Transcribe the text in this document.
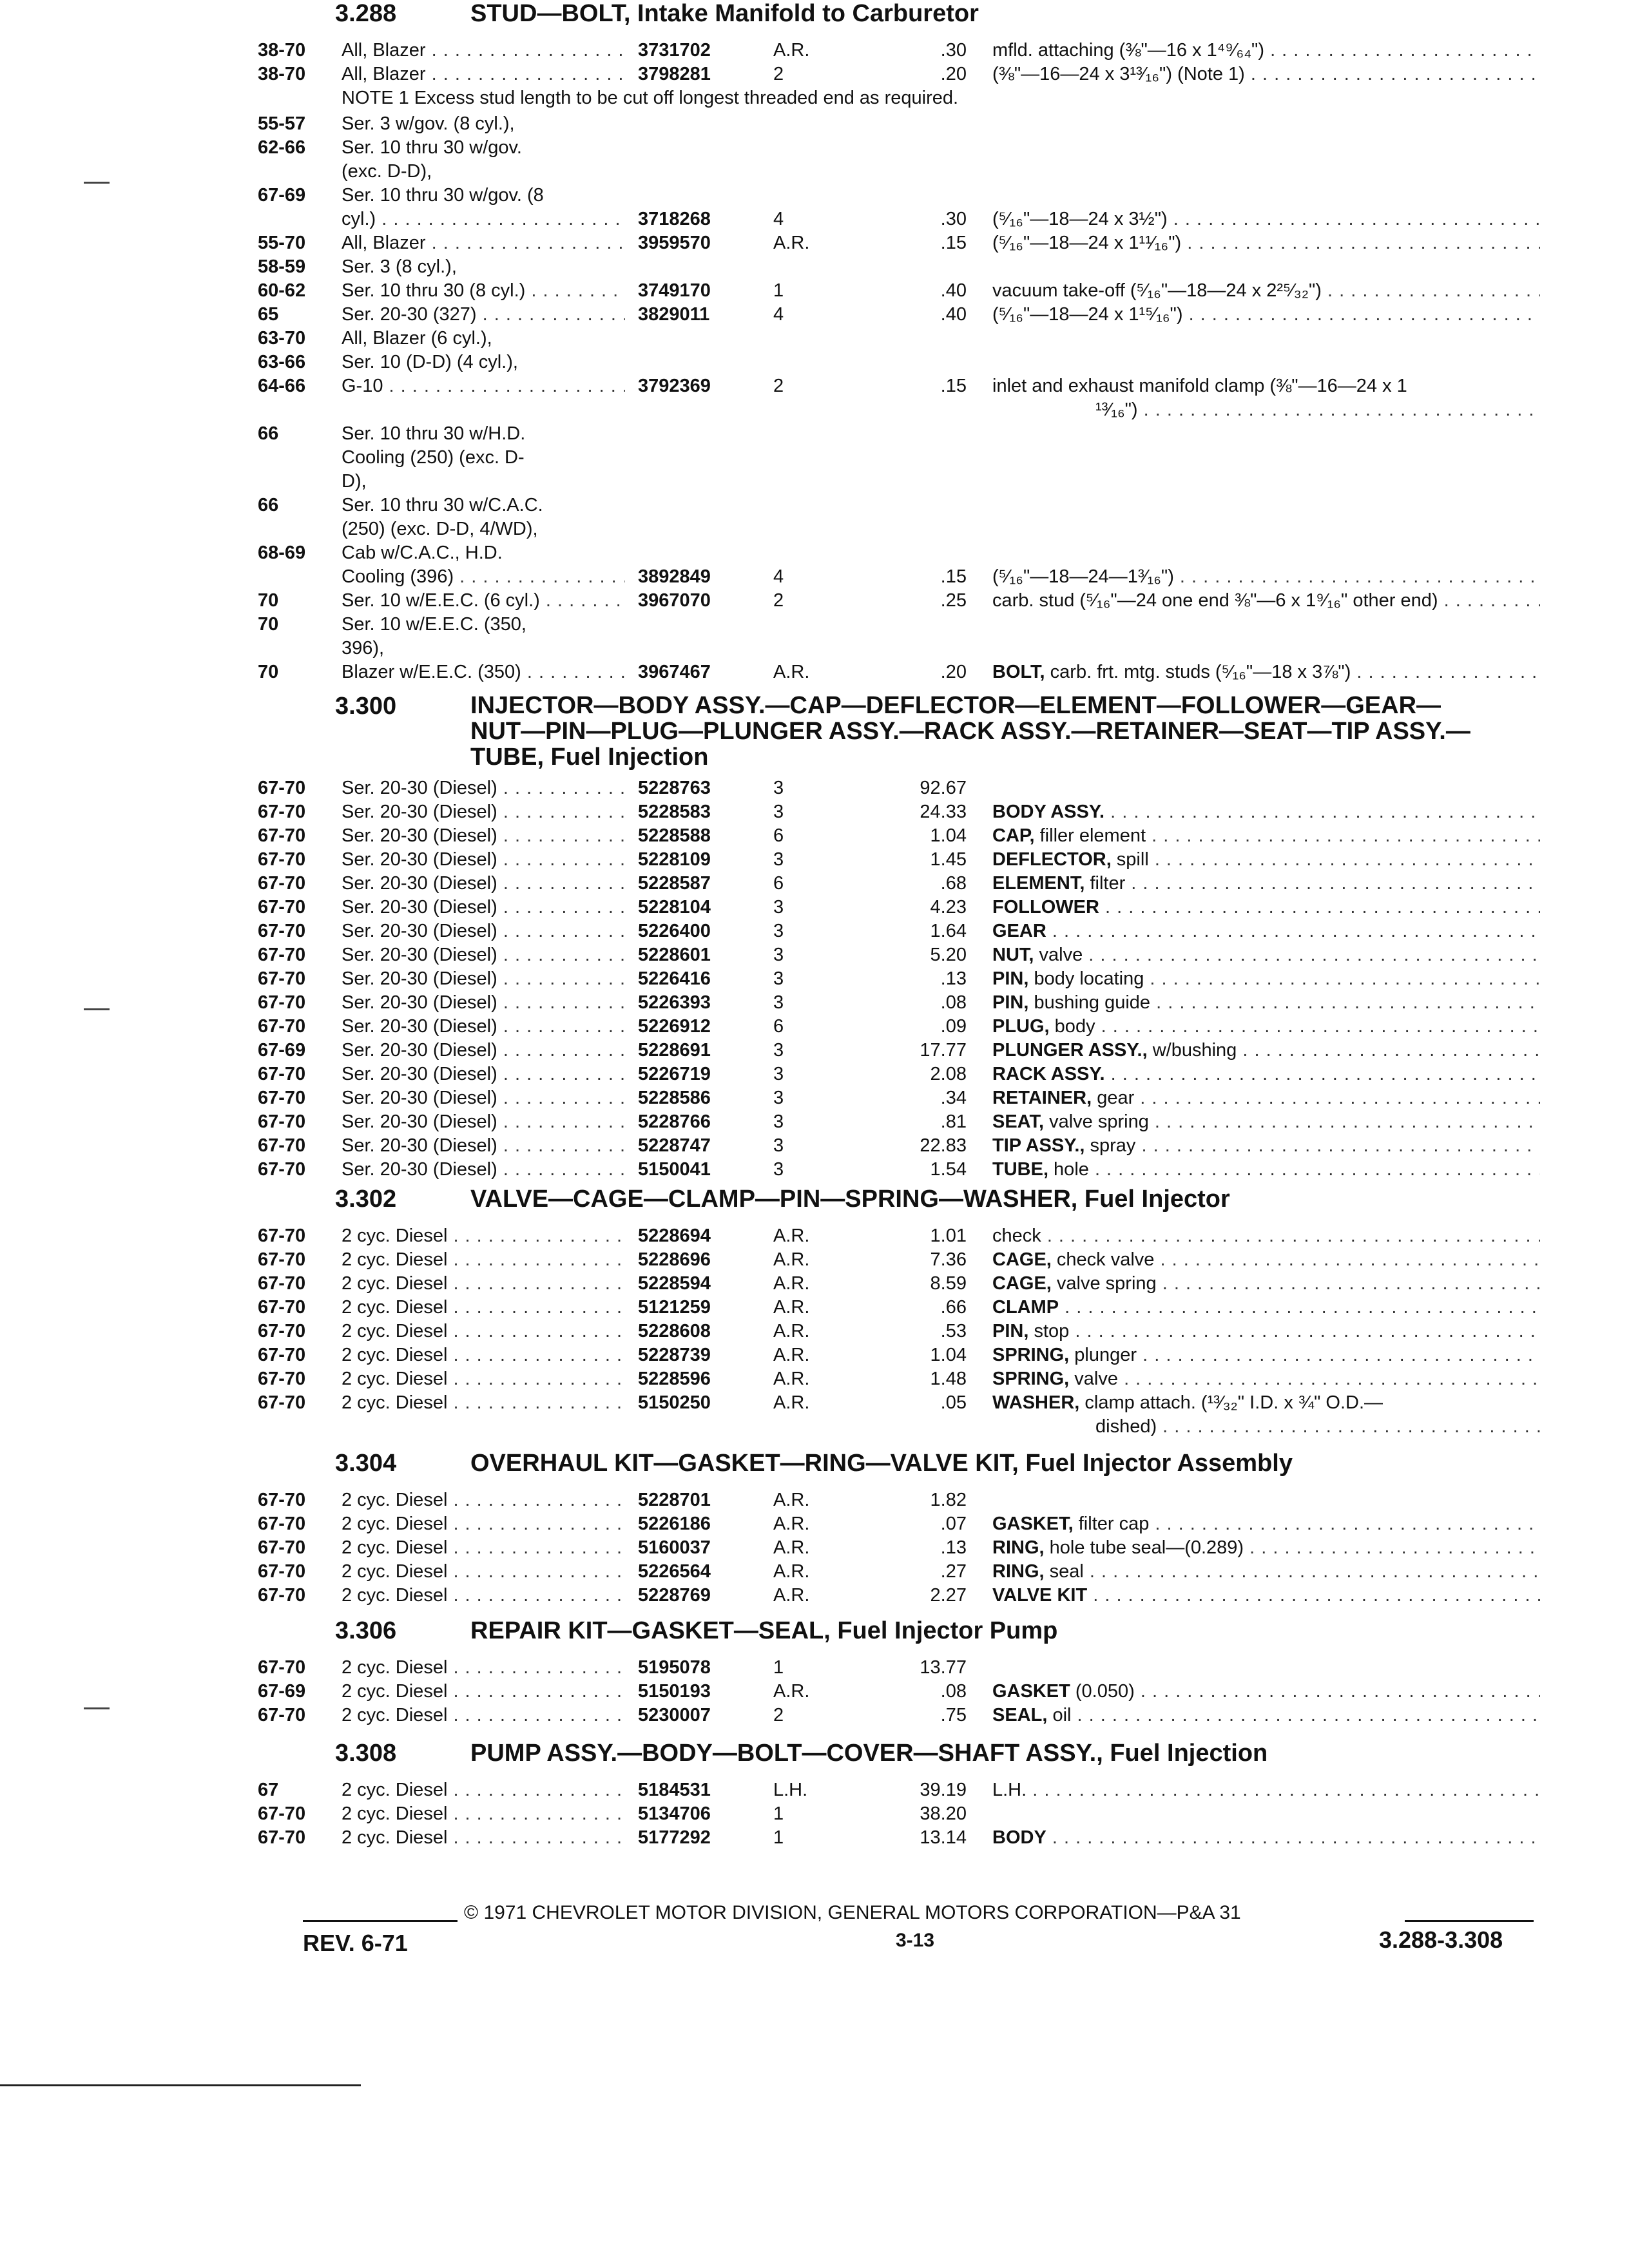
3.288	STUD—BOLT, Intake Manifold to Carburetor
38-70 All, Blazer . . .	3731702	A.R.	.30 mfld. attaching (⅜"—16 x 1⁴⁹⁄₆₄") . . .
38-70 All, Blazer . . .	3798281	2	.20 (⅜"—16—24 x 3¹³⁄₁₆") (Note 1) . . .
NOTE 1 Excess stud length to be cut off longest threaded end as required.
55-57 Ser. 3 w/gov. (8 cyl.),
62-66 Ser. 10 thru 30 w/gov.
(exc. D-D),
67-69 Ser. 10 thru 30 w/gov. (8
cyl.) . . .	3718268	4	.30 (⁵⁄₁₆"—18—24 x 3½") . . .
55-70 All, Blazer . . .	3959570	A.R.	.15 (⁵⁄₁₆"—18—24 x 1¹¹⁄₁₆") . . .
58-59 Ser. 3 (8 cyl.),
60-62 Ser. 10 thru 30 (8 cyl.) . . .	3749170	1	.40 vacuum take-off (⁵⁄₁₆"—18—24 x 2²⁵⁄₃₂") . . .
65	Ser. 20-30 (327) . . .	3829011	4	.40 (⁵⁄₁₆"—18—24 x 1¹⁵⁄₁₆") . . .
63-70 All, Blazer (6 cyl.),
63-66 Ser. 10 (D-D) (4 cyl.),
64-66 G-10 . . .	3792369	2	.15 inlet and exhaust manifold clamp (⅜"—16—24 x 1
¹³⁄₁₆") . . .
66	Ser. 10 thru 30 w/H.D.
Cooling (250) (exc. D-
D),
66	Ser. 10 thru 30 w/C.A.C.
(250) (exc. D-D, 4/WD),
68-69 Cab w/C.A.C., H.D.
Cooling (396) . . .	3892849	4	.15 (⁵⁄₁₆"—18—24—1³⁄₁₆") . . .
70	Ser. 10 w/E.E.C. (6 cyl.) . . .	3967070	2	.25 carb. stud (⁵⁄₁₆"—24 one end ⅜"—6 x 1⁹⁄₁₆" other end) . . .
70	Ser. 10 w/E.E.C. (350,
396),
70	Blazer w/E.E.C. (350) . . .	3967467	A.R.	.20 BOLT, carb. frt. mtg. studs (⁵⁄₁₆"—18 x 3⅞") . . .
3.300	INJECTOR—BODY ASSY.—CAP—DEFLECTOR—ELEMENT—FOLLOWER—GEAR—NUT—PIN—PLUG—PLUNGER ASSY.—RACK ASSY.—RETAINER—SEAT—TIP ASSY.—TUBE, Fuel Injection
67-70 Ser. 20-30 (Diesel) . . .	5228763	3	92.67
67-70 Ser. 20-30 (Diesel) . . .	5228583	3	24.33 BODY ASSY. . . .
67-70 Ser. 20-30 (Diesel) . . .	5228588	6	1.04 CAP, filler element . . .
67-70 Ser. 20-30 (Diesel) . . .	5228109	3	1.45 DEFLECTOR, spill . . .
67-70 Ser. 20-30 (Diesel) . . .	5228587	6	.68 ELEMENT, filter . . .
67-70 Ser. 20-30 (Diesel) . . .	5228104	3	4.23 FOLLOWER . . .
67-70 Ser. 20-30 (Diesel) . . .	5226400	3	1.64 GEAR . . .
67-70 Ser. 20-30 (Diesel) . . .	5228601	3	5.20 NUT, valve . . .
67-70 Ser. 20-30 (Diesel) . . .	5226416	3	.13 PIN, body locating . . .
67-70 Ser. 20-30 (Diesel) . . .	5226393	3	.08 PIN, bushing guide . . .
67-70 Ser. 20-30 (Diesel) . . .	5226912	6	.09 PLUG, body . . .
67-69 Ser. 20-30 (Diesel) . . .	5228691	3	17.77 PLUNGER ASSY., w/bushing . . .
67-70 Ser. 20-30 (Diesel) . . .	5226719	3	2.08 RACK ASSY. . . .
67-70 Ser. 20-30 (Diesel) . . .	5228586	3	.34 RETAINER, gear . . .
67-70 Ser. 20-30 (Diesel) . . .	5228766	3	.81 SEAT, valve spring . . .
67-70 Ser. 20-30 (Diesel) . . .	5228747	3	22.83 TIP ASSY., spray . . .
67-70 Ser. 20-30 (Diesel) . . .	5150041	3	1.54 TUBE, hole . . .
3.302	VALVE—CAGE—CLAMP—PIN—SPRING—WASHER, Fuel Injector
67-70 2 cyc. Diesel . . .	5228694	A.R.	1.01 check . . .
67-70 2 cyc. Diesel . . .	5228696	A.R.	7.36 CAGE, check valve . . .
67-70 2 cyc. Diesel . . .	5228594	A.R.	8.59 CAGE, valve spring . . .
67-70 2 cyc. Diesel . . .	5121259	A.R.	.66 CLAMP . . .
67-70 2 cyc. Diesel . . .	5228608	A.R.	.53 PIN, stop . . .
67-70 2 cyc. Diesel . . .	5228739	A.R.	1.04 SPRING, plunger . . .
67-70 2 cyc. Diesel . . .	5228596	A.R.	1.48 SPRING, valve . . .
67-70 2 cyc. Diesel . . .	5150250	A.R.	.05 WASHER, clamp attach. (¹³⁄₃₂" I.D. x ¾" O.D.—
dished) . . .
3.304	OVERHAUL KIT—GASKET—RING—VALVE KIT, Fuel Injector Assembly
67-70 2 cyc. Diesel . . .	5228701	A.R.	1.82
67-70 2 cyc. Diesel . . .	5226186	A.R.	.07 GASKET, filter cap . . .
67-70 2 cyc. Diesel . . .	5160037	A.R.	.13 RING, hole tube seal—(0.289) . . .
67-70 2 cyc. Diesel . . .	5226564	A.R.	.27 RING, seal . . .
67-70 2 cyc. Diesel . . .	5228769	A.R.	2.27 VALVE KIT . . .
3.306	REPAIR KIT—GASKET—SEAL, Fuel Injector Pump
67-70 2 cyc. Diesel . . .	5195078	1	13.77
67-69 2 cyc. Diesel . . .	5150193	A.R.	.08 GASKET (0.050) . . .
67-70 2 cyc. Diesel . . .	5230007	2	.75 SEAL, oil . . .
3.308	PUMP ASSY.—BODY—BOLT—COVER—SHAFT ASSY., Fuel Injection
67	2 cyc. Diesel . . .	5184531	L.H.	39.19 L.H. . . .
67-70 2 cyc. Diesel . . .	5134706	1	38.20
67-70 2 cyc. Diesel . . .	5177292	1	13.14 BODY . . .
© 1971 CHEVROLET MOTOR DIVISION, GENERAL MOTORS CORPORATION—P&A 31
REV. 6-71	3-13	3.288-3.308
